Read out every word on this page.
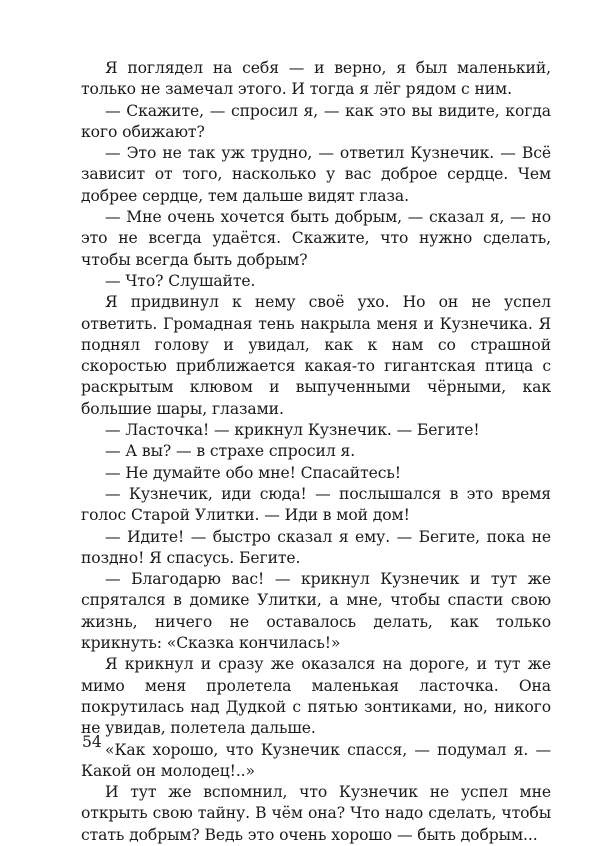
Я поглядел на себя — и верно, я был маленький, только не замечал этого. И тогда я лёг рядом с ним.

— Скажите, — спросил я, — как это вы видите, когда кого обижают?

— Это не так уж трудно, — ответил Кузнечик. — Всё зависит от того, насколько у вас доброе сердце. Чем добрее сердце, тем дальше видят глаза.

— Мне очень хочется быть добрым, — сказал я, — но это не всегда удаётся. Скажите, что нужно сделать, чтобы всегда быть добрым?

— Что? Слушайте.

Я придвинул к нему своё ухо. Но он не успел ответить. Громадная тень накрыла меня и Кузнечика. Я поднял голову и увидал, как к нам со страшной скоростью приближается какая-то гигантская птица с раскрытым клювом и выпученными чёрными, как большие шары, глазами.

— Ласточка! — крикнул Кузнечик. — Бегите!

— А вы? — в страхе спросил я.

— Не думайте обо мне! Спасайтесь!

— Кузнечик, иди сюда! — послышался в это время голос Старой Улитки. — Иди в мой дом!

— Идите! — быстро сказал я ему. — Бегите, пока не поздно! Я спасусь. Бегите.

— Благодарю вас! — крикнул Кузнечик и тут же спрятался в домике Улитки, а мне, чтобы спасти свою жизнь, ничего не оставалось делать, как только крикнуть: «Сказка кончилась!»

Я крикнул и сразу же оказался на дороге, и тут же мимо меня пролетела маленькая ласточка. Она покрутилась над Дудкой с пятью зонтиками, но, никого не увидав, полетела дальше.

«Как хорошо, что Кузнечик спасся, — подумал я. — Какой он молодец!..»

И тут же вспомнил, что Кузнечик не успел мне открыть свою тайну. В чём она? Что надо сделать, чтобы стать добрым? Ведь это очень хорошо — быть добрым...

54
